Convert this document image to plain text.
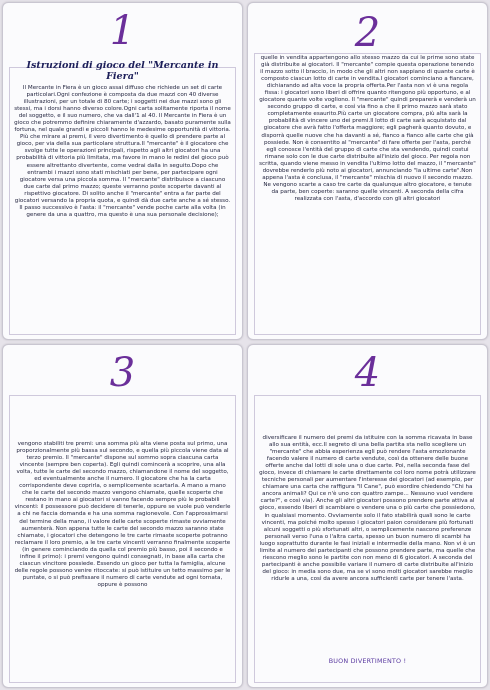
1
Istruzioni di gioco del "Mercante in Fiera"
Il Mercante in Fiera è un gioco assai diffuso che richiede un set di carte particolari.Ogni confezione è composta da due mazzi con 40 diverse illustrazioni, per un totale di 80 carte; i soggetti nei due mazzi sono gli stessi, ma i dorsi hanno diverso colore.Ogni carta solitamente riporta il nome del soggetto, e il suo numero, che va dall'1 al 40. Il Mercante in Fiera è un gioco che potremmo definire chiaramente d'azzardo, basato puramente sulla fortuna, nel quale grandi e piccoli hanno le medesime opportunità di vittoria. Più che mirare ai premi, il vero divertimento è quello di prendere parte al gioco, per via della sua particolare struttura.Il "mercante" è il giocatore che svolge tutte le operazioni principali, rispetto agli altri giocatori ha una probabilità di vittoria più limitata, ma favore in mano le redini del gioco può essere altrettanto divertente, come vedrai dalla in seguito.Dopo che entrambi i mazzi sono stati mischiati per bene, per partecipare ogni giocatore versa una piccola somma. Il "mercante" distribuisce a ciascuno due carte dal primo mazzo; queste verranno poste scoperte davanti al rispettivo giocatore. Di solito anche il "mercante" entra a far parte del giocatori versando la propria quota, e quindi dà due carte anche a sé stesso. Il passo successivo è l'asta: il "mercante" vende poche carte alla volta (in genere da una a quattro, ma questo è una sua personale decisione);
2
quelle in vendita appartengono allo stesso mazzo da cui le prime sono state già distribuite ai giocatori. Il "mercante" compie questa operazione tenendo il mazzo sotto il braccio, in modo che gli altri non sappiano di quante carte è composto ciascun lotto di carte in vendita.I giocatori cominciano a fiancare, dichiarando ad alta voce la propria offerta.Per l'asta non vi è una regola fissa: i giocatori sono liberi di offrire quanto ritengono più opportuno, e al giocatore quante volte vogliono. Il "mercante" quindi preparerà e venderà un secondo gruppo di carte, e così via fino a che il primo mazzo sarà stato completamente esaurito.Più carte un giocatore compra, più alta sarà la probabilità di vincere uno dei premi.Il lotto di carte sarà acquistato dal giocatore che avrà fatto l'offerta maggiore; egli pagherà quanto dovuto, e disporrà quelle nuove che ha davanti a sé, fianco a fianco alle carte che già possiede. Non è consentito al "mercante" di fare offerte per l'asta, perché egli conosce l'entità del gruppo di carte che sta vendendo, quindi costui rimane solo con le due carte distribuite all'inizio del gioco. Per regola non scritta, quando viene messo in vendita l'ultimo lotto del mazzo, il "mercante" dovrebbe renderlo più noto ai giocatori, annunciando "la ultime carte".Non appena l'asta è conclusa, il "mercante" mischia di nuovo il secondo mazzo. Ne vengono scarte a caso tre carte da qualunque altro giocatore, e tenute da parte, ben coperte: saranno quelle vincenti. A seconda della cifra realizzata con l'asta, d'accordo con gli altri giocatori
3
vengono stabiliti tre premi: una somma più alta viene posta sul primo, una proporzionalmente più bassa sul secondo, e quella più piccola viene data al terzo premio. Il "mercante" dispone sul sommo sopra ciascuna carta vincente (sempre ben coperta). Egli quindi comincerà a scoprire, una alla volta, tutte le carte del secondo mazzo, chiamandone il nome del soggetto, ed eventualmente anche il numero. Il giocatore che ha la carta corrispondente deve coprirla, o semplicemente scartarla. A mano a mano che le carte del secondo mazzo vengono chiamate, quelle scoperte che restano in mano ai giocatori si vanno facendo sempre più le probabili vincenti: il possessore può decidere di tenerle, oppure se vuole può venderle a chi ne faccia domanda e ha una somma ragionevole. Con l'approssimarsi del termine della mano, il valore delle carte scoperte rimaste ovviamente aumenterà. Non appena tutte le carte del secondo mazzo saranno state chiamate, i giocatori che detengono le tre carte rimaste scoperte potranno reclamare il loro premio, a le tre carte vincenti verranno finalmente scoperte (in genere cominciando da quella col premio più basso, poi il secondo e infine il primo): i premi vengono quindi consegnati, in base alla carta che ciascun vincitore possiede. Essendo un gioco per tutta la famiglia, alcune delle regole possono venire ritoccate: si può istituire un tetto massimo per le puntate, o si può prefissare il numero di carte vendute ad ogni tornata, oppure è possono
4
diversificare il numero dei premi da istituire con la somma ricavata in base allo sua entità, ecc.Il segreto di una bella partita sta nello scegliere un "mercante" che abbia esperienza egli può rendere l'asta emozionante facendo valere il numero di carte vendute, così da ottenere delle buone offerte anche dal lotti di sole una o due carte. Poi, nella seconda fase del gioco, invece di chiamare le carte direttamente col loro nome potrà utilizzare tecniche personali per aumentare l'interesse dei giocatori (ad esempio, per chiamare una carta che raffigura "Il Cane", può esordire chiedendo "Chi ha ancora animali? Qui ce n'è uno con quattro zampe... Nessuno vuol vendere carte?", e così via). Anche gli altri giocatori possono prendere parte attiva al gioco, essendo liberi di scambiare o vendere una o più carte che possiedono, in qualsiasi momento. Ovviamente solo il fato stabilirà quali sono le carte vincenti, ma poiché molto spesso i giocatori paion considerare più fortunati alcuni soggetti o più sfortunati altri, o semplicemente nascono preferenze personali verso l'una o l'altra carta, spesso un buon numero di scambi ha luogo soprattutto durante le fasi iniziali e intermedie della mano. Non vi è un limite al numero dei partecipanti che possono prendere parte, ma quelle che riescono meglio sono le partite con non meno di 6 giocatori. A seconda del partecipanti è anche possibile variare il numero di carte distribuite all'inizio del gioco: in media sono due, ma se vi sono molti giocatori sarebbe meglio ridurle a una, così da avere ancora sufficienti carte per tenere l'asta.
BUON DIVERTIMENTO !
